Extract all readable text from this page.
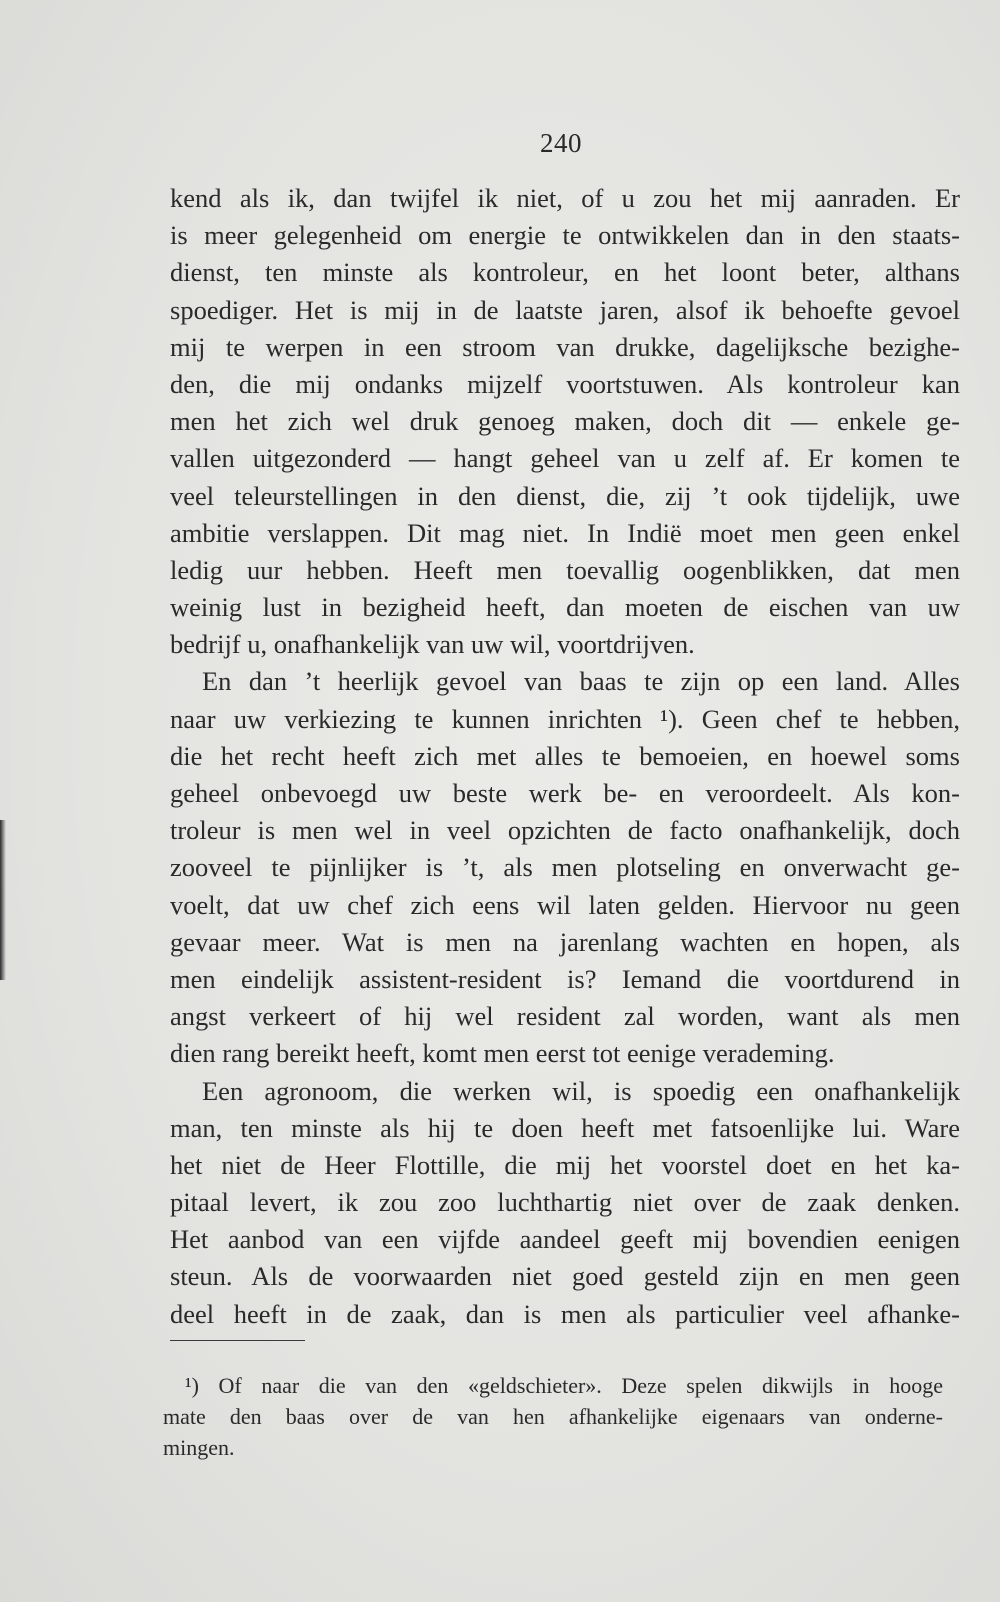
240
kend als ik, dan twijfel ik niet, of u zou het mij aanraden. Er
is meer gelegenheid om energie te ontwikkelen dan in den staats-
dienst, ten minste als kontroleur, en het loont beter, althans
spoediger. Het is mij in de laatste jaren, alsof ik behoefte gevoel
mij te werpen in een stroom van drukke, dagelijksche bezighe-
den, die mij ondanks mijzelf voortstuwen. Als kontroleur kan
men het zich wel druk genoeg maken, doch dit — enkele ge-
vallen uitgezonderd — hangt geheel van u zelf af. Er komen te
veel teleurstellingen in den dienst, die, zij ’t ook tijdelijk, uwe
ambitie verslappen. Dit mag niet. In Indië moet men geen enkel
ledig uur hebben. Heeft men toevallig oogenblikken, dat men
weinig lust in bezigheid heeft, dan moeten de eischen van uw
bedrijf u, onafhankelijk van uw wil, voortdrijven.
En dan ’t heerlijk gevoel van baas te zijn op een land. Alles
naar uw verkiezing te kunnen inrichten ¹). Geen chef te hebben,
die het recht heeft zich met alles te bemoeien, en hoewel soms
geheel onbevoegd uw beste werk be- en veroordeelt. Als kon-
troleur is men wel in veel opzichten de facto onafhankelijk, doch
zooveel te pijnlijker is ’t, als men plotseling en onverwacht ge-
voelt, dat uw chef zich eens wil laten gelden. Hiervoor nu geen
gevaar meer. Wat is men na jarenlang wachten en hopen, als
men eindelijk assistent-resident is? Iemand die voortdurend in
angst verkeert of hij wel resident zal worden, want als men
dien rang bereikt heeft, komt men eerst tot eenige verademing.
Een agronoom, die werken wil, is spoedig een onafhankelijk
man, ten minste als hij te doen heeft met fatsoenlijke lui. Ware
het niet de Heer Flottille, die mij het voorstel doet en het ka-
pitaal levert, ik zou zoo luchthartig niet over de zaak denken.
Het aanbod van een vijfde aandeel geeft mij bovendien eenigen
steun. Als de voorwaarden niet goed gesteld zijn en men geen
deel heeft in de zaak, dan is men als particulier veel afhanke-
¹) Of naar die van den «geldschieter». Deze spelen dikwijls in hooge
mate den baas over de van hen afhankelijke eigenaars van onderne-
mingen.
